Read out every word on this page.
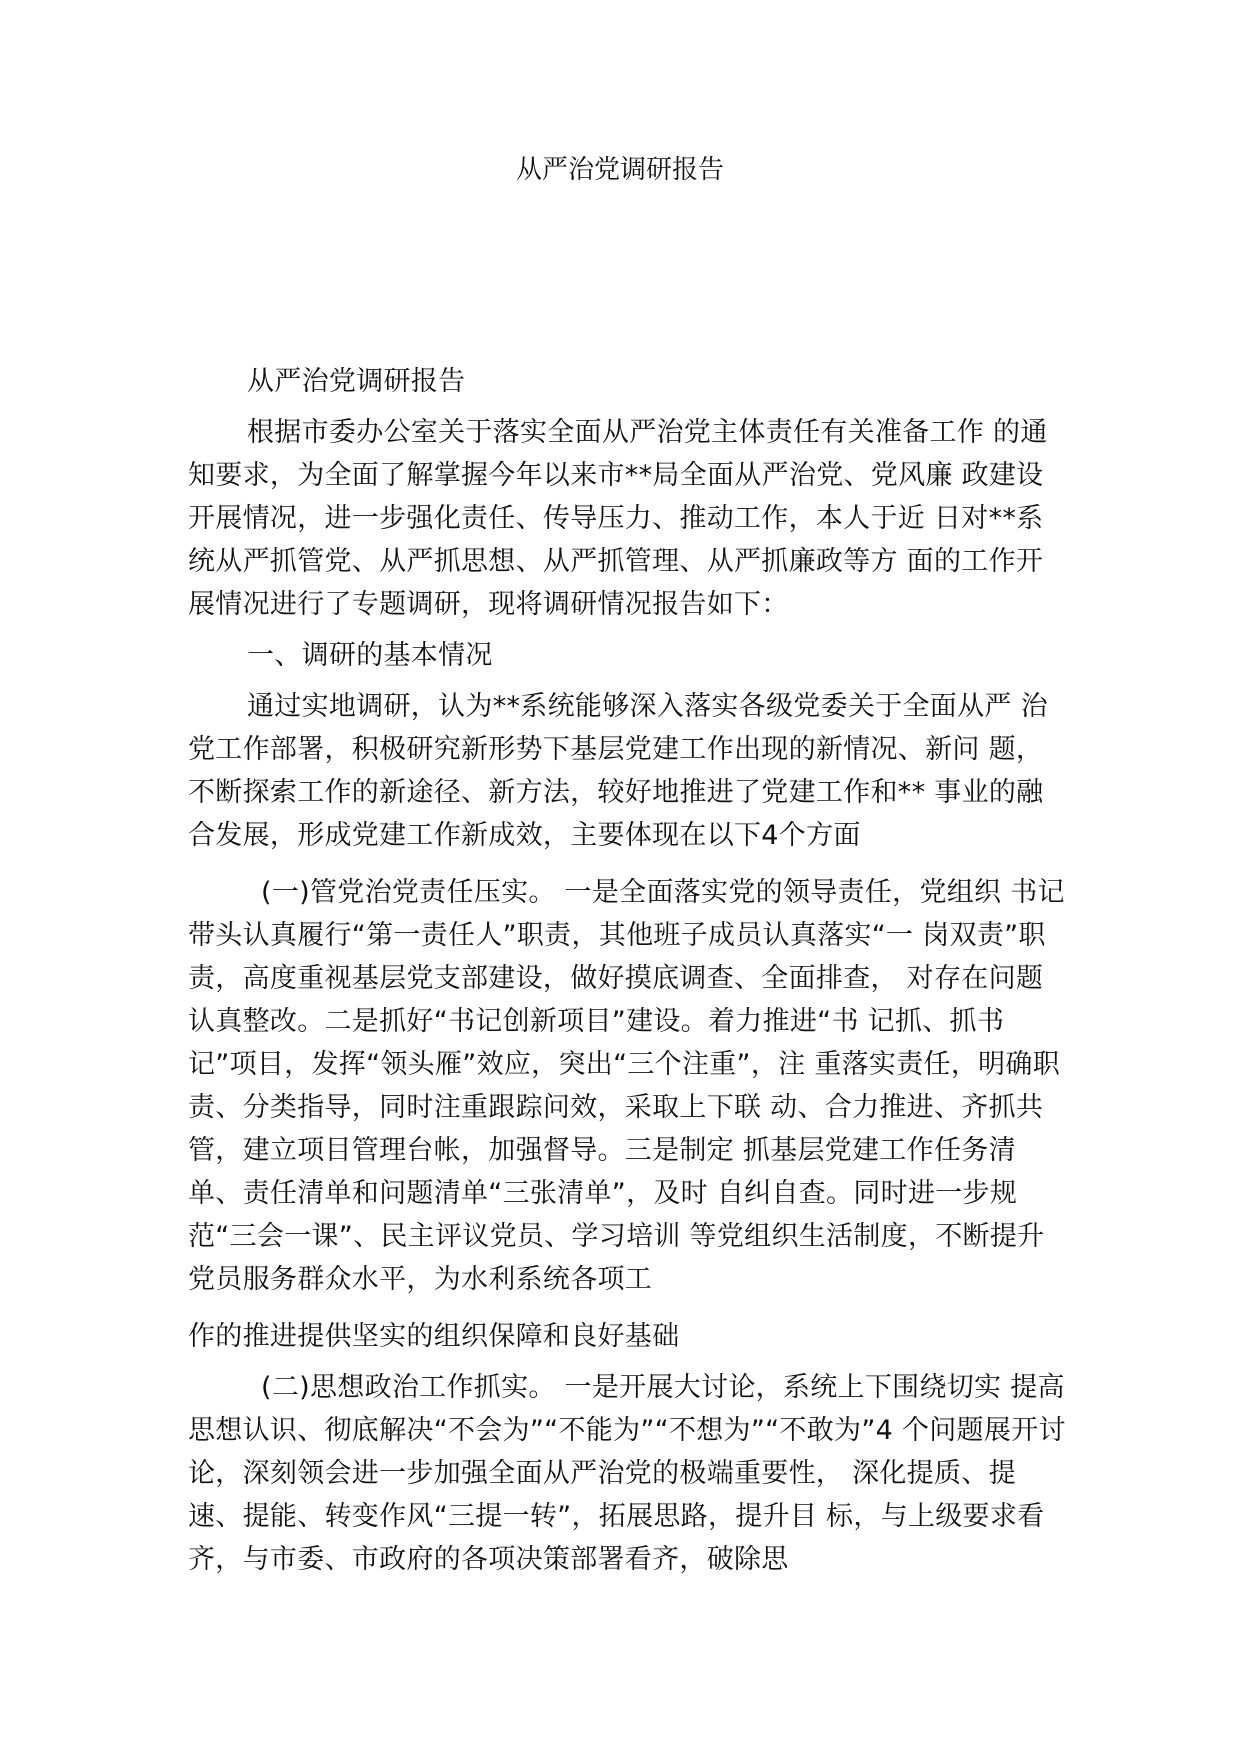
从严治党调研报告

从严治党调研报告

根据市委办公室关于落实全面从严治党主体责任有关准备工作 的通知要求，为全面了解掌握今年以来市**局全面从严治党、党风廉 政建设开展情况，进一步强化责任、传导压力、推动工作，本人于近 日对**系统从严抓管党、从严抓思想、从严抓管理、从严抓廉政等方 面的工作开展情况进行了专题调研，现将调研情况报告如下：

一、调研的基本情况

通过实地调研，认为**系统能够深入落实各级党委关于全面从严 治党工作部署，积极研究新形势下基层党建工作出现的新情况、新问 题，不断探索工作的新途径、新方法，较好地推进了党建工作和** 事业的融合发展，形成党建工作新成效，主要体现在以下4个方面

(一)管党治党责任压实。 一是全面落实党的领导责任，党组织 书记带头认真履行“第一责任人”职责，其他班子成员认真落实“一 岗双责”职责，高度重视基层党支部建设，做好摸底调查、全面排查， 对存在问题认真整改。二是抓好“书记创新项目”建设。着力推进“书 记抓、抓书记”项目，发挥“领头雁”效应，突出“三个注重”，注 重落实责任，明确职责、分类指导，同时注重跟踪问效，采取上下联 动、合力推进、齐抓共管，建立项目管理台帐，加强督导。三是制定 抓基层党建工作任务清单、责任清单和问题清单“三张清单”，及时 自纠自查。同时进一步规范“三会一课”、民主评议党员、学习培训 等党组织生活制度，不断提升党员服务群众水平，为水利系统各项工

作的推进提供坚实的组织保障和良好基础

(二)思想政治工作抓实。 一是开展大讨论，系统上下围绕切实 提高思想认识、彻底解决“不会为”“不能为”“不想为”“不敢为”4 个问题展开讨论，深刻领会进一步加强全面从严治党的极端重要性， 深化提质、提速、提能、转变作风“三提一转”，拓展思路，提升目 标，与上级要求看齐，与市委、市政府的各项决策部署看齐，破除思
